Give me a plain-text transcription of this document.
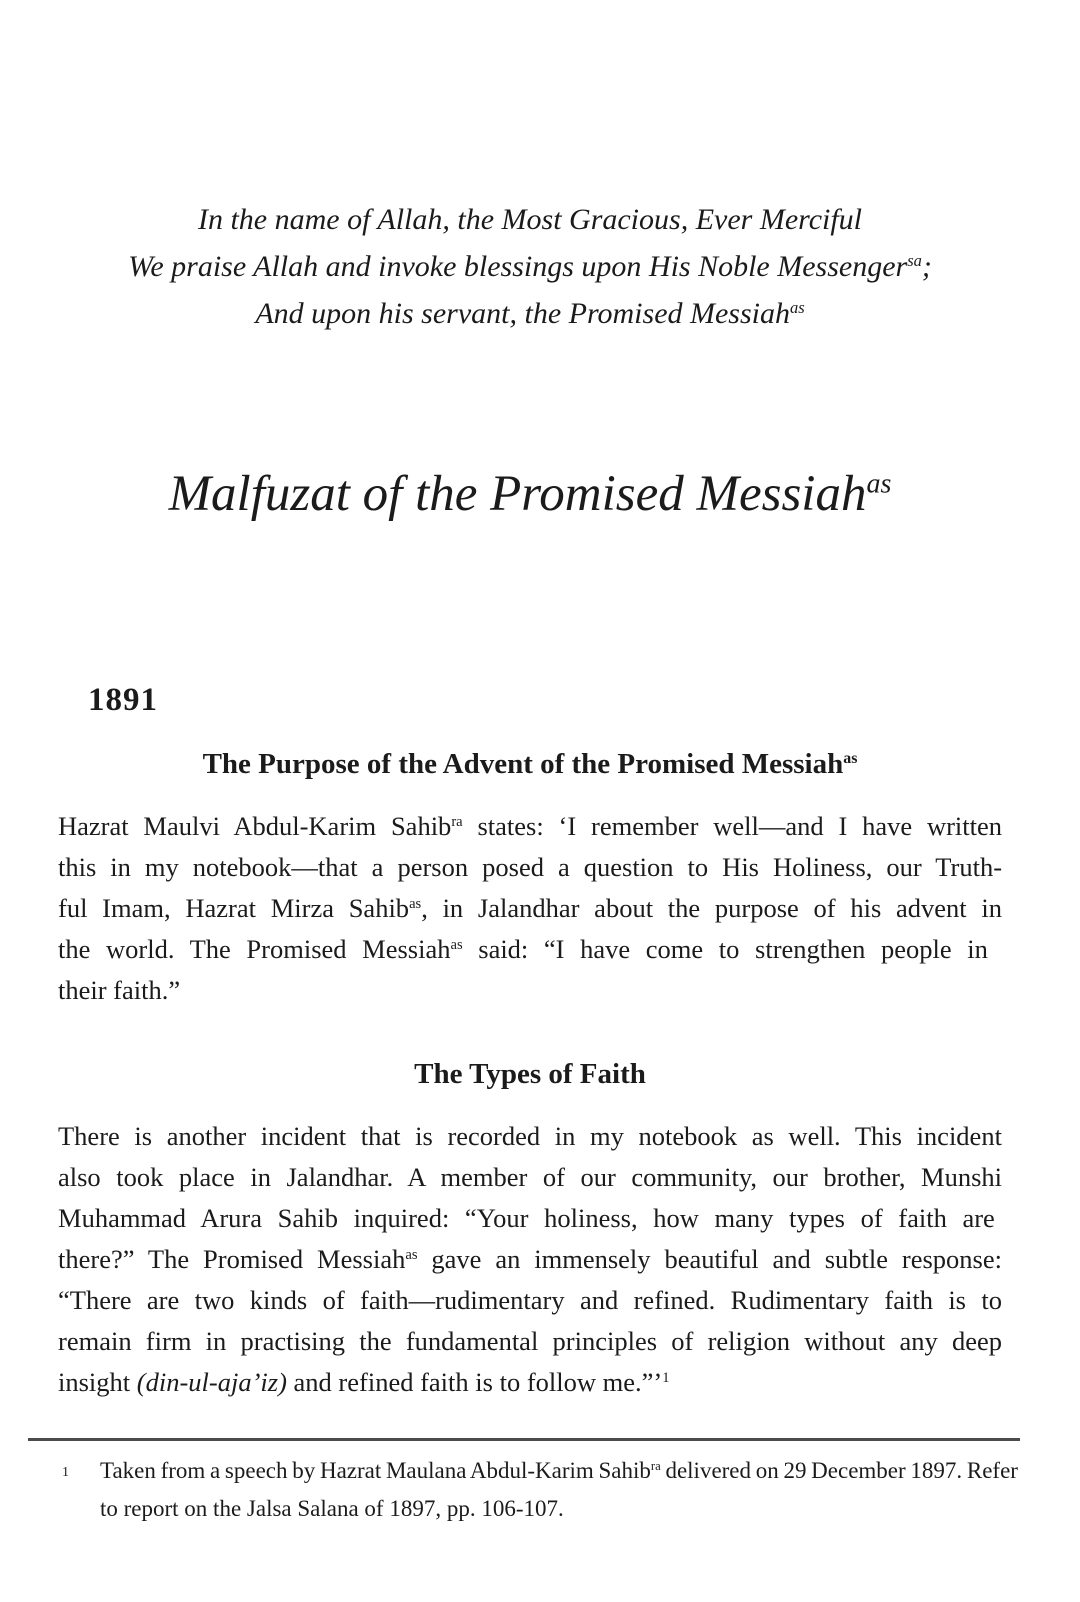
In the name of Allah, the Most Gracious, Ever Merciful
We praise Allah and invoke blessings upon His Noble Messenger$^{sa}$;
And upon his servant, the Promised Messiah$^{as}$
Malfuzat of the Promised Messiah$^{as}$
1891
The Purpose of the Advent of the Promised Messiah$^{as}$
Hazrat Maulvi Abdul-Karim Sahib$^{ra}$ states: ‘I remember well—and I have written
this in my notebook—that a person posed a question to His Holiness, our Truth-
ful Imam, Hazrat Mirza Sahib$^{as}$, in Jalandhar about the purpose of his advent in
the world. The Promised Messiah$^{as}$ said: “I have come to strengthen people in
their faith.”
The Types of Faith
There is another incident that is recorded in my notebook as well. This incident
also took place in Jalandhar. A member of our community, our brother, Munshi
Muhammad Arura Sahib inquired: “Your holiness, how many types of faith are
there?” The Promised Messiah$^{as}$ gave an immensely beautiful and subtle response:
“There are two kinds of faith—rudimentary and refined. Rudimentary faith is to
remain firm in practising the fundamental principles of religion without any deep
insight (din-ul-aja’iz) and refined faith is to follow me.”’$^1$
1 Taken from a speech by Hazrat Maulana Abdul-Karim Sahib$^{ra}$ delivered on 29 December 1897. Refer
to report on the Jalsa Salana of 1897, pp. 106-107.
